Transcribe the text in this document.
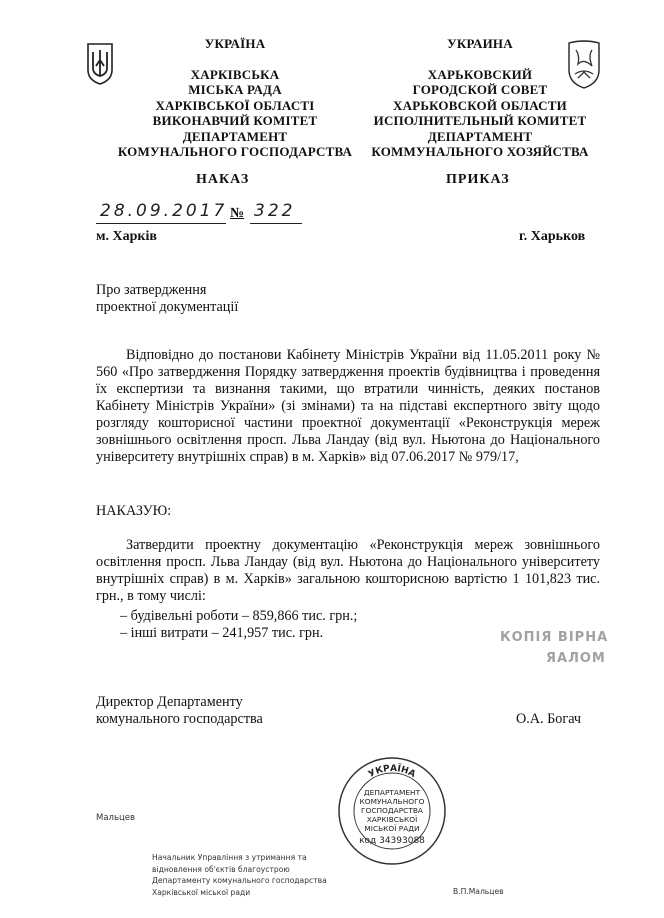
УКРАЇНА
ХАРКІВСЬКА
МІСЬКА РАДА
ХАРКІВСЬКОЇ ОБЛАСТІ
ВИКОНАВЧИЙ КОМІТЕТ
ДЕПАРТАМЕНТ
КОМУНАЛЬНОГО ГОСПОДАРСТВА
УКРАИНА
ХАРЬКОВСКИЙ
ГОРОДСКОЙ СОВЕТ
ХАРЬКОВСКОЙ ОБЛАСТИ
ИСПОЛНИТЕЛЬНЫЙ КОМИТЕТ
ДЕПАРТАМЕНТ
КОММУНАЛЬНОГО ХОЗЯЙСТВА
НАКАЗ	ПРИКАЗ
28.09.2017 № 322
м. Харків	г. Харьков
Про затвердження
проектної документації
Відповідно до постанови Кабінету Міністрів України від 11.05.2011 року № 560 «Про затвердження Порядку затвердження проектів будівництва і проведення їх експертизи та визнання такими, що втратили чинність, деяких постанов Кабінету Міністрів України» (зі змінами) та на підставі експертного звіту щодо розгляду кошторисної частини проектної документації «Реконструкція мереж зовнішнього освітлення просп. Льва Ландау (від вул. Ньютона до Національного університету внутрішніх справ) в м. Харків» від 07.06.2017 № 979/17,
НАКАЗУЮ:
Затвердити проектну документацію «Реконструкція мереж зовнішнього освітлення просп. Льва Ландау (від вул. Ньютона до Національного університету внутрішніх справ) в м. Харків» загальною кошторисною вартістю 1 101,823 тис. грн., в тому числі:
– будівельні роботи – 859,866 тис. грн.;
– інші витрати – 241,957 тис. грн.	КОПІЯ ВІРНА
ЯАЛОМ
Директор Департаменту
комунального господарства	О.А. Богач
УКРАЇНА
ДЕПАРТАМЕНТ
КОМУНАЛЬНОГО
ГОСПОДАРСТВА
ХАРКІВСЬКОЇ
МІСЬКОЇ РАДИ
код 34393088
Мальцев
Начальник Управління з утримання та
відновлення об'єктів благоустрою
Департаменту комунального господарства
Харківської міської ради	В.П.Мальцев
